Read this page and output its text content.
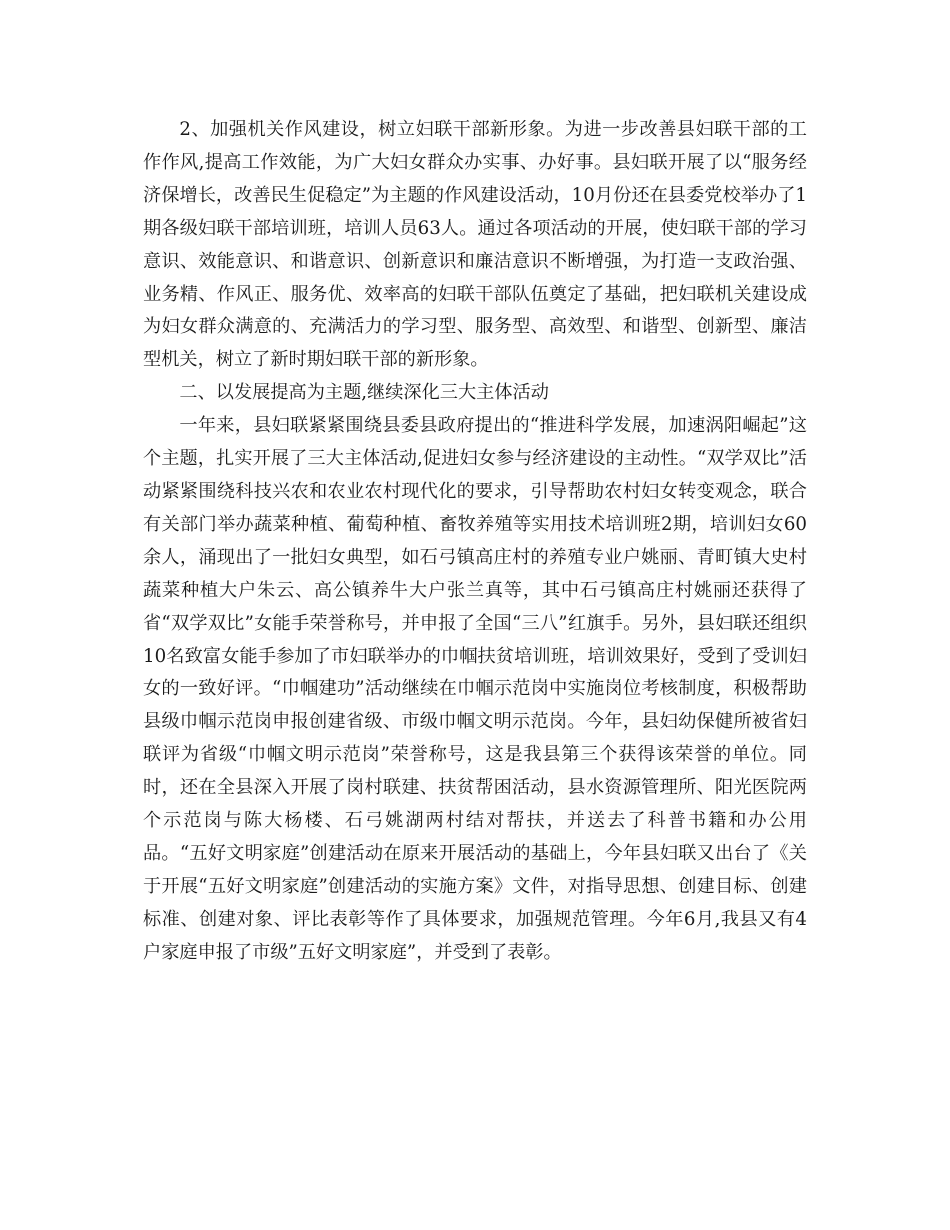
2、加强机关作风建设，树立妇联干部新形象。为进一步改善县妇联干部的工作作风,提高工作效能，为广大妇女群众办实事、办好事。县妇联开展了以“服务经济保增长，改善民生促稳定”为主题的作风建设活动，10月份还在县委党校举办了1期各级妇联干部培训班，培训人员63人。通过各项活动的开展，使妇联干部的学习意识、效能意识、和谐意识、创新意识和廉洁意识不断增强，为打造一支政治强、业务精、作风正、服务优、效率高的妇联干部队伍奠定了基础，把妇联机关建设成为妇女群众满意的、充满活力的学习型、服务型、高效型、和谐型、创新型、廉洁型机关，树立了新时期妇联干部的新形象。

二、以发展提高为主题,继续深化三大主体活动

一年来，县妇联紧紧围绕县委县政府提出的“推进科学发展，加速涡阳崛起”这个主题，扎实开展了三大主体活动,促进妇女参与经济建设的主动性。“双学双比”活动紧紧围绕科技兴农和农业农村现代化的要求，引导帮助农村妇女转变观念，联合有关部门举办蔬菜种植、葡萄种植、畜牧养殖等实用技术培训班2期，培训妇女60余人，涌现出了一批妇女典型，如石弓镇高庄村的养殖专业户姚丽、青町镇大史村蔬菜种植大户朱云、高公镇养牛大户张兰真等，其中石弓镇高庄村姚丽还获得了省“双学双比”女能手荣誉称号，并申报了全国“三八”红旗手。另外，县妇联还组织10名致富女能手参加了市妇联举办的巾帼扶贫培训班，培训效果好，受到了受训妇女的一致好评。“巾帼建功”活动继续在巾帼示范岗中实施岗位考核制度，积极帮助县级巾帼示范岗申报创建省级、市级巾帼文明示范岗。今年，县妇幼保健所被省妇联评为省级“巾帼文明示范岗”荣誉称号，这是我县第三个获得该荣誉的单位。同时，还在全县深入开展了岗村联建、扶贫帮困活动，县水资源管理所、阳光医院两个示范岗与陈大杨楼、石弓姚湖两村结对帮扶，并送去了科普书籍和办公用品。“五好文明家庭”创建活动在原来开展活动的基础上，今年县妇联又出台了《关于开展“五好文明家庭”创建活动的实施方案》文件，对指导思想、创建目标、创建标准、创建对象、评比表彰等作了具体要求，加强规范管理。今年6月,我县又有4户家庭申报了市级”五好文明家庭”，并受到了表彰。
